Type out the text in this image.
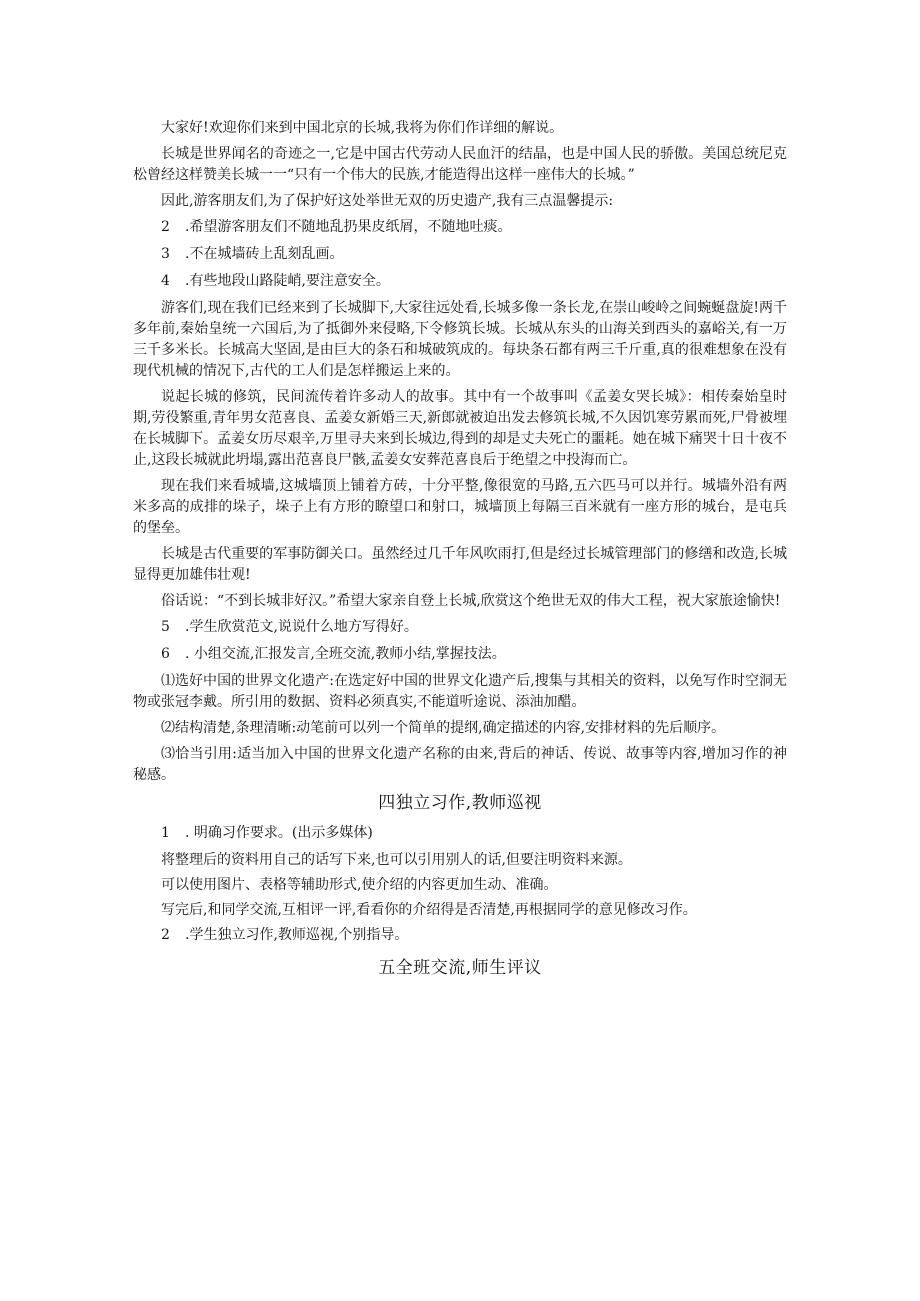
大家好!欢迎你们来到中国北京的长城,我将为你们作详细的解说。

长城是世界闻名的奇迹之一,它是中国古代劳动人民血汗的结晶，也是中国人民的骄傲。美国总统尼克松曾经这样赞美长城一一“只有一个伟大的民族,才能造得出这样一座伟大的长城。”

因此,游客朋友们,为了保护好这处举世无双的历史遗产,我有三点温馨提示:

2 .希望游客朋友们不随地乱扔果皮纸屑，不随地吐痰。
3 .不在城墙砖上乱刻乱画。
4 .有些地段山路陡峭,要注意安全。

游客们,现在我们已经来到了长城脚下,大家往远处看,长城多像一条长龙,在崇山峻岭之间蜿蜒盘旋!两千多年前,秦始皇统一六国后,为了抵御外来侵略,下令修筑长城。长城从东头的山海关到西头的嘉峪关,有一万三千多米长。长城高大坚固,是由巨大的条石和城破筑成的。每块条石都有两三千斤重,真的很难想象在没有现代机械的情况下,古代的工人们是怎样搬运上来的。

说起长城的修筑，民间流传着许多动人的故事。其中有一个故事叫《孟姜女哭长城》：相传秦始皇时期,劳役繁重,青年男女范喜良、孟姜女新婚三天,新郎就被迫出发去修筑长城,不久因饥寒劳累而死,尸骨被埋在长城脚下。孟姜女历尽艰辛,万里寻夫来到长城边,得到的却是丈夫死亡的噩耗。她在城下痛哭十日十夜不止,这段长城就此坍塌,露出范喜良尸骸,孟姜女安葬范喜良后于绝望之中投海而亡。

现在我们来看城墙,这城墙顶上铺着方砖，十分平整,像很宽的马路,五六匹马可以并行。城墙外沿有两米多高的成排的垛子，垛子上有方形的瞭望口和射口，城墙顶上每隔三百米就有一座方形的城台，是屯兵的堡垒。

长城是古代重要的军事防御关口。虽然经过几千年风吹雨打,但是经过长城管理部门的修缮和改造,长城显得更加雄伟壮观!

俗话说：“不到长城非好汉。”希望大家亲自登上长城,欣赏这个绝世无双的伟大工程，祝大家旅途愉快!

5 .学生欣赏范文,说说什么地方写得好。
6 . 小组交流,汇报发言,全班交流,教师小结,掌握技法。

⑴选好中国的世界文化遗产:在选定好中国的世界文化遗产后,搜集与其相关的资料，以免写作时空洞无物或张冠李戴。所引用的数据、资料必须真实,不能道听途说、添油加醋。

⑵结构清楚,条理清晰:动笔前可以列一个简单的提纲,确定描述的内容,安排材料的先后顺序。

⑶恰当引用:适当加入中国的世界文化遗产名称的由来,背后的神话、传说、故事等内容,增加习作的神秘感。

四独立习作,教师巡视
1 . 明确习作要求。(出示多媒体)

将整理后的资料用自己的话写下来,也可以引用别人的话,但要注明资料来源。

可以使用图片、表格等辅助形式,使介绍的内容更加生动、准确。

写完后,和同学交流,互相评一评,看看你的介绍得是否清楚,再根据同学的意见修改习作。

2 .学生独立习作,教师巡视,个别指导。
五全班交流,师生评议
